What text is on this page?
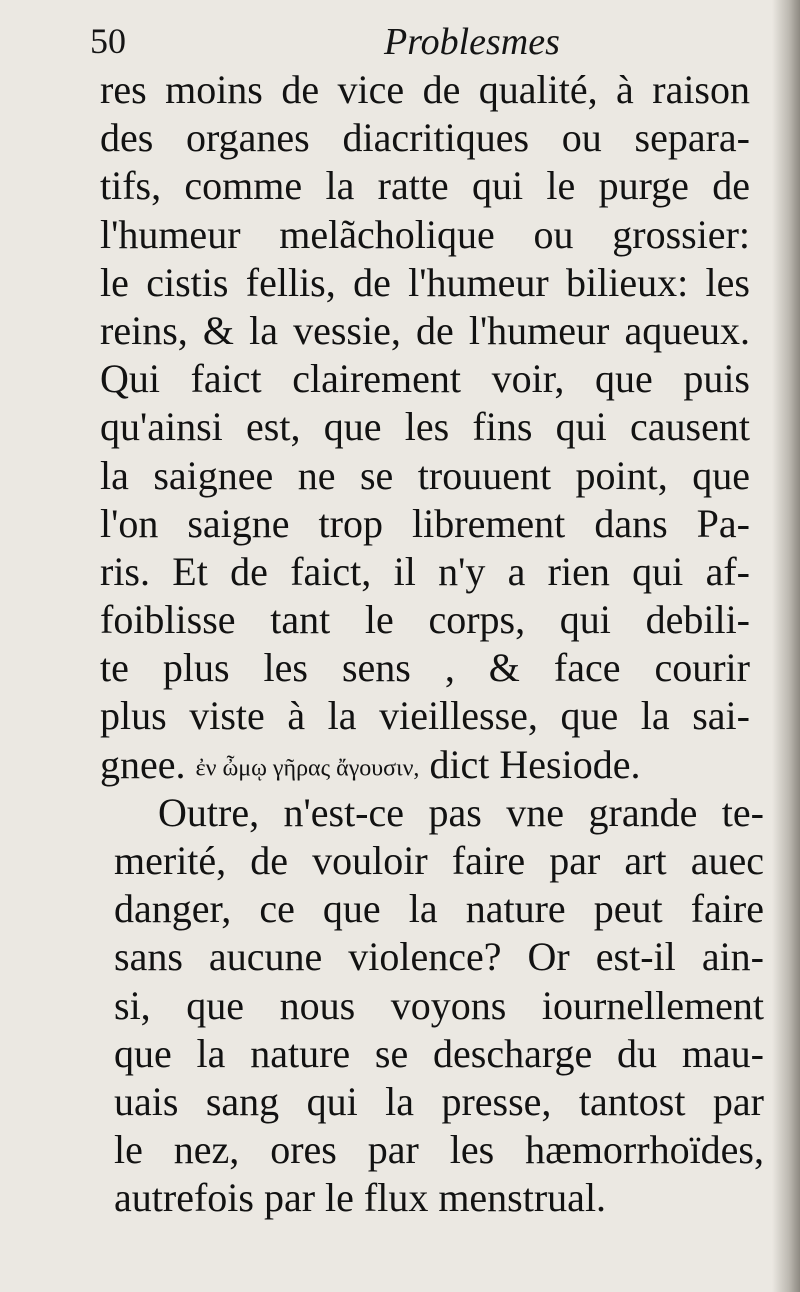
50	Problesmes
res moins de vice de qualité, à raison
des organes diacritiques ou separa-
tifs, comme la ratte qui le purge de
l'humeur melãcholique ou grossier:
le cistis fellis, de l'humeur bilieux: les
reins, & la vessie, de l'humeur aqueux.
Qui faict clairement voir, que puis
qu'ainsi est, que les fins qui causent
la saignee ne se trouuent point, que
l'on saigne trop librement dans Pa-
ris. Et de faict, il n'y a rien qui af-
foiblisse tant le corps, qui debili-
te plus les sens , & face courir
plus viste à la vieillesse, que la sai-
gnee. ἐν ὦμῳ γῆρας ἄγουσιν, dict Hesiode.
Outre, n'est-ce pas vne grande te-
merité, de vouloir faire par art auec
danger, ce que la nature peut faire
sans aucune violence? Or est-il ain-
si, que nous voyons iournellement
que la nature se descharge du mau-
uais sang qui la presse, tantost par
le nez, ores par les hæmorrhoïdes,
autrefois par le flux menstrual.
